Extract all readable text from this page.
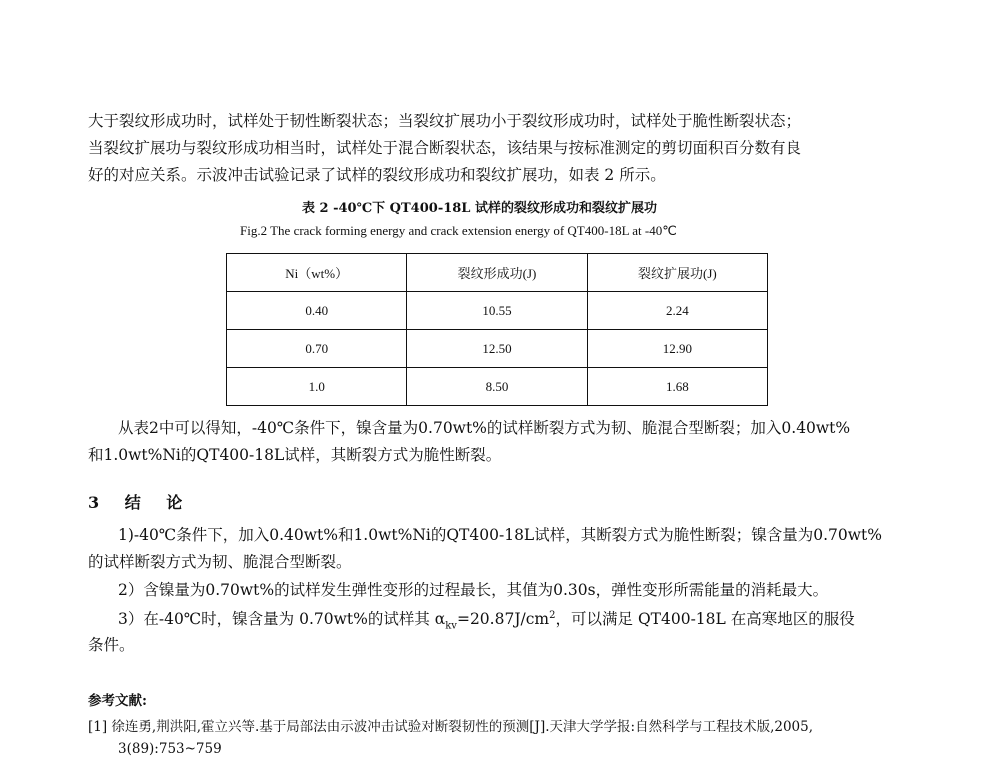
大于裂纹形成功时，试样处于韧性断裂状态；当裂纹扩展功小于裂纹形成功时，试样处于脆性断裂状态；
当裂纹扩展功与裂纹形成功相当时，试样处于混合断裂状态，该结果与按标准测定的剪切面积百分数有良
好的对应关系。示波冲击试验记录了试样的裂纹形成功和裂纹扩展功，如表 2 所示。
表 2 -40℃下 QT400-18L 试样的裂纹形成功和裂纹扩展功
Fig.2 The crack forming energy and crack extension energy of QT400-18L at -40℃
Ni（wt%）	裂纹形成功(J)	裂纹扩展功(J)
0.40	10.55	2.24
0.70	12.50	12.90
1.0	8.50	1.68
从表2中可以得知，-40℃条件下，镍含量为0.70wt%的试样断裂方式为韧、脆混合型断裂；加入0.40wt%
和1.0wt%Ni的QT400-18L试样，其断裂方式为脆性断裂。
3 结 论
1)-40℃条件下，加入0.40wt%和1.0wt%Ni的QT400-18L试样，其断裂方式为脆性断裂；镍含量为0.70wt%
的试样断裂方式为韧、脆混合型断裂。
2）含镍量为0.70wt%的试样发生弹性变形的过程最长，其值为0.30s，弹性变形所需能量的消耗最大。
3）在-40℃时，镍含量为 0.70wt%的试样其 $\alpha_{kv}=20.87J/cm^2$，可以满足 QT400-18L 在高寒地区的服役
条件。
参考文献:
[1] 徐连勇,荆洪阳,霍立兴等.基于局部法由示波冲击试验对断裂韧性的预测[J].天津大学学报:自然科学与工程技术版,2005,
3(89):753~759
